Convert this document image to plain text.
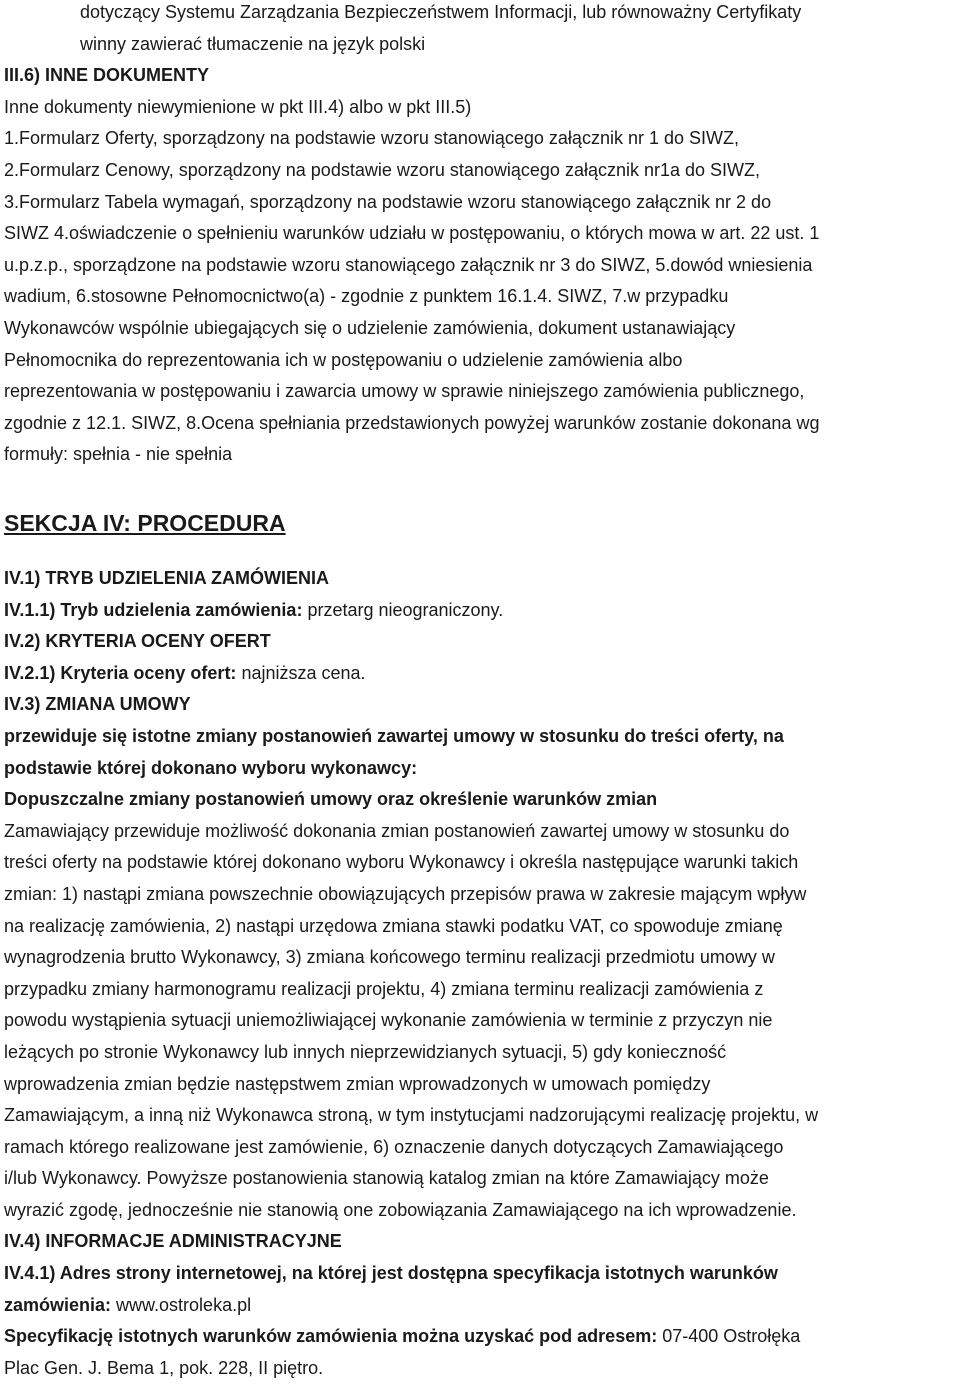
dotyczący Systemu Zarządzania Bezpieczeństwem Informacji, lub równoważny Certyfikaty

winny zawierać tłumaczenie na język polski

III.6) INNE DOKUMENTY

Inne dokumenty niewymienione w pkt III.4) albo w pkt III.5)

1.Formularz Oferty, sporządzony na podstawie wzoru stanowiącego załącznik nr 1 do SIWZ,

2.Formularz Cenowy, sporządzony na podstawie wzoru stanowiącego załącznik nr1a do SIWZ,

3.Formularz Tabela wymagań, sporządzony na podstawie wzoru stanowiącego załącznik nr 2 do

SIWZ 4.oświadczenie o spełnieniu warunków udziału w postępowaniu, o których mowa w art. 22 ust. 1

u.p.z.p., sporządzone na podstawie wzoru stanowiącego załącznik nr 3 do SIWZ, 5.dowód wniesienia

wadium, 6.stosowne Pełnomocnictwo(a) - zgodnie z punktem 16.1.4. SIWZ, 7.w przypadku

Wykonawców wspólnie ubiegających się o udzielenie zamówienia, dokument ustanawiający

Pełnomocnika do reprezentowania ich w postępowaniu o udzielenie zamówienia albo

reprezentowania w postępowaniu i zawarcia umowy w sprawie niniejszego zamówienia publicznego,

zgodnie z 12.1. SIWZ, 8.Ocena spełniania przedstawionych powyżej warunków zostanie dokonana wg

formuły: spełnia - nie spełnia

SEKCJA IV: PROCEDURA

IV.1) TRYB UDZIELENIA ZAMÓWIENIA

IV.1.1) Tryb udzielenia zamówienia: przetarg nieograniczony.

IV.2) KRYTERIA OCENY OFERT

IV.2.1) Kryteria oceny ofert: najniższa cena.

IV.3) ZMIANA UMOWY

przewiduje się istotne zmiany postanowień zawartej umowy w stosunku do treści oferty, na

podstawie której dokonano wyboru wykonawcy:

Dopuszczalne zmiany postanowień umowy oraz określenie warunków zmian

Zamawiający przewiduje możliwość dokonania zmian postanowień zawartej umowy w stosunku do

treści oferty na podstawie której dokonano wyboru Wykonawcy i określa następujące warunki takich

zmian: 1) nastąpi zmiana powszechnie obowiązujących przepisów prawa w zakresie mającym wpływ

na realizację zamówienia, 2) nastąpi urzędowa zmiana stawki podatku VAT, co spowoduje zmianę

wynagrodzenia brutto Wykonawcy, 3) zmiana końcowego terminu realizacji przedmiotu umowy w

przypadku zmiany harmonogramu realizacji projektu, 4) zmiana terminu realizacji zamówienia z

powodu wystąpienia sytuacji uniemożliwiającej wykonanie zamówienia w terminie z przyczyn nie

leżących po stronie Wykonawcy lub innych nieprzewidzianych sytuacji, 5) gdy konieczność

wprowadzenia zmian będzie następstwem zmian wprowadzonych w umowach pomiędzy

Zamawiającym, a inną niż Wykonawca stroną, w tym instytucjami nadzorującymi realizację projektu, w

ramach którego realizowane jest zamówienie, 6) oznaczenie danych dotyczących Zamawiającego

i/lub Wykonawcy. Powyższe postanowienia stanowią katalog zmian na które Zamawiający może

wyrazić zgodę, jednocześnie nie stanowią one zobowiązania Zamawiającego na ich wprowadzenie.

IV.4) INFORMACJE ADMINISTRACYJNE

IV.4.1) Adres strony internetowej, na której jest dostępna specyfikacja istotnych warunków

zamówienia: www.ostroleka.pl

Specyfikację istotnych warunków zamówienia można uzyskać pod adresem: 07-400 Ostrołęka

Plac Gen. J. Bema 1, pok. 228, II piętro.
